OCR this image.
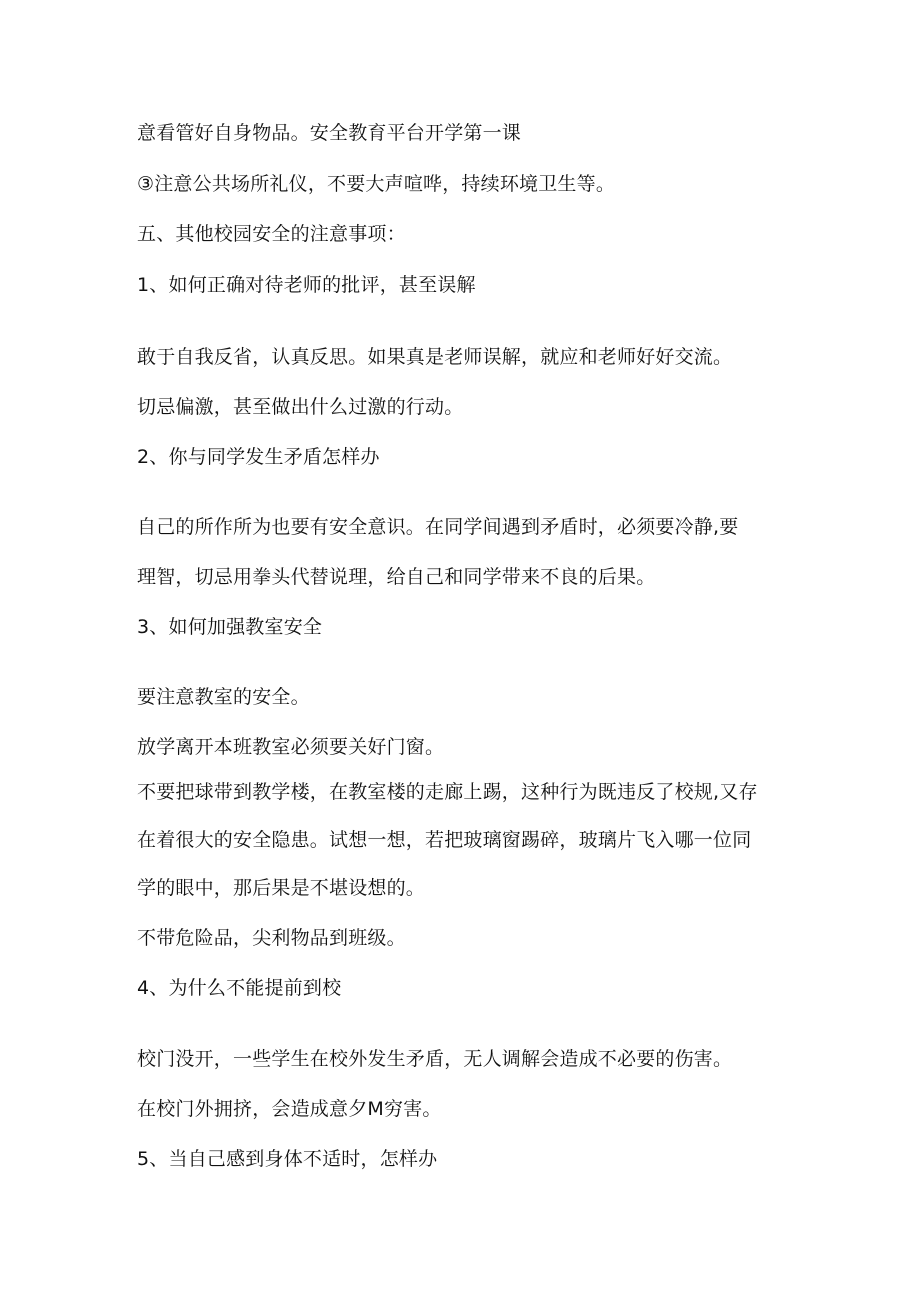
意看管好自身物品。安全教育平台开学第一课
③注意公共场所礼仪，不要大声喧哗，持续环境卫生等。
五、其他校园安全的注意事项：
1、如何正确对待老师的批评，甚至误解
敢于自我反省，认真反思。如果真是老师误解，就应和老师好好交流。
切忌偏激，甚至做出什么过激的行动。
2、你与同学发生矛盾怎样办
自己的所作所为也要有安全意识。在同学间遇到矛盾时，必须要冷静,要
理智，切忌用拳头代替说理，给自己和同学带来不良的后果。
3、如何加强教室安全
要注意教室的安全。
放学离开本班教室必须要关好门窗。
不要把球带到教学楼，在教室楼的走廊上踢，这种行为既违反了校规,又存
在着很大的安全隐患。试想一想，若把玻璃窗踢碎，玻璃片飞入哪一位同
学的眼中，那后果是不堪设想的。
不带危险品，尖利物品到班级。
4、为什么不能提前到校
校门没开，一些学生在校外发生矛盾，无人调解会造成不必要的伤害。
在校门外拥挤，会造成意夕M穷害。
5、当自己感到身体不适时，怎样办
